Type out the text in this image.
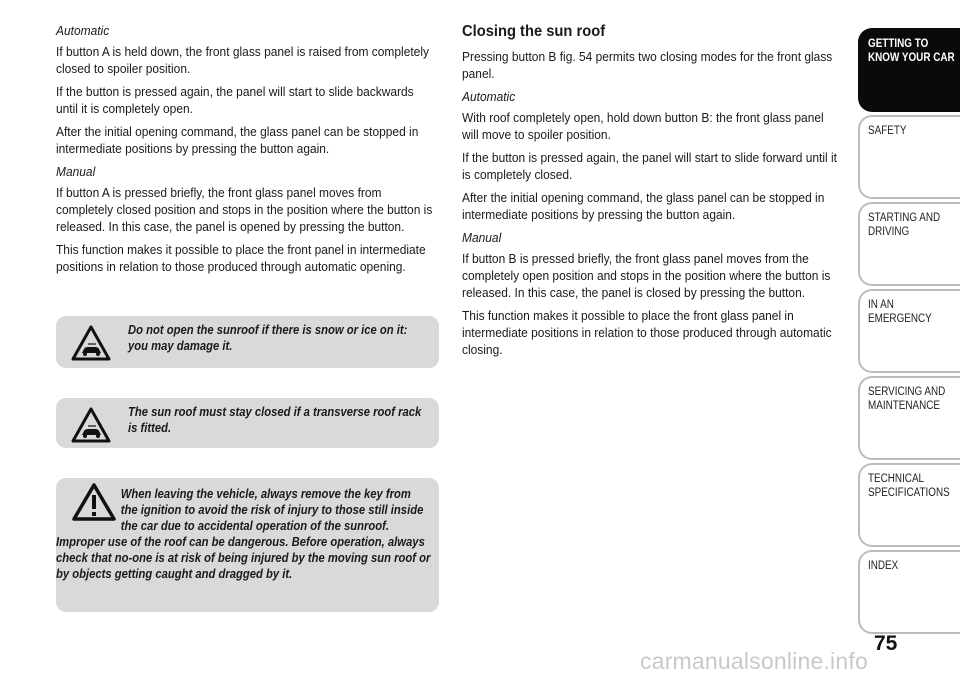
Automatic

If button A is held down, the front glass panel is raised from completely closed to spoiler position.

If the button is pressed again, the panel will start to slide backwards until it is completely open.

After the initial opening command, the glass panel can be stopped in intermediate positions by pressing the button again.

Manual

If button A is pressed briefly, the front glass panel moves from completely closed position and stops in the position where the button is released. In this case, the panel is opened by pressing the button.

This function makes it possible to place the front panel in intermediate positions in relation to those produced through automatic opening.

Do not open the sunroof if there is snow or ice on it: you may damage it.

The sun roof must stay closed if a transverse roof rack is fitted.

When leaving the vehicle, always remove the key from the ignition to avoid the risk of injury to those still inside the car due to accidental operation of the sunroof. Improper use of the roof can be dangerous. Before operation, always check that no-one is at risk of being injured by the moving sun roof or by objects getting caught and dragged by it.

Closing the sun roof

Pressing button B fig. 54 permits two closing modes for the front glass panel.

Automatic

With roof completely open, hold down button B: the front glass panel will move to spoiler position.

If the button is pressed again, the panel will start to slide forward until it is completely closed.

After the initial opening command, the glass panel can be stopped in intermediate positions by pressing the button again.

Manual

If button B is pressed briefly, the front glass panel moves from the completely open position and stops in the position where the button is released. In this case, the panel is closed by pressing the button.

This function makes it possible to place the front glass panel in intermediate positions in relation to those produced through automatic closing.

GETTING TO
KNOW YOUR CAR
SAFETY
STARTING AND
DRIVING
IN AN EMERGENCY
SERVICING AND
MAINTENANCE
TECHNICAL
SPECIFICATIONS
INDEX
75
carmanualsonline.info
